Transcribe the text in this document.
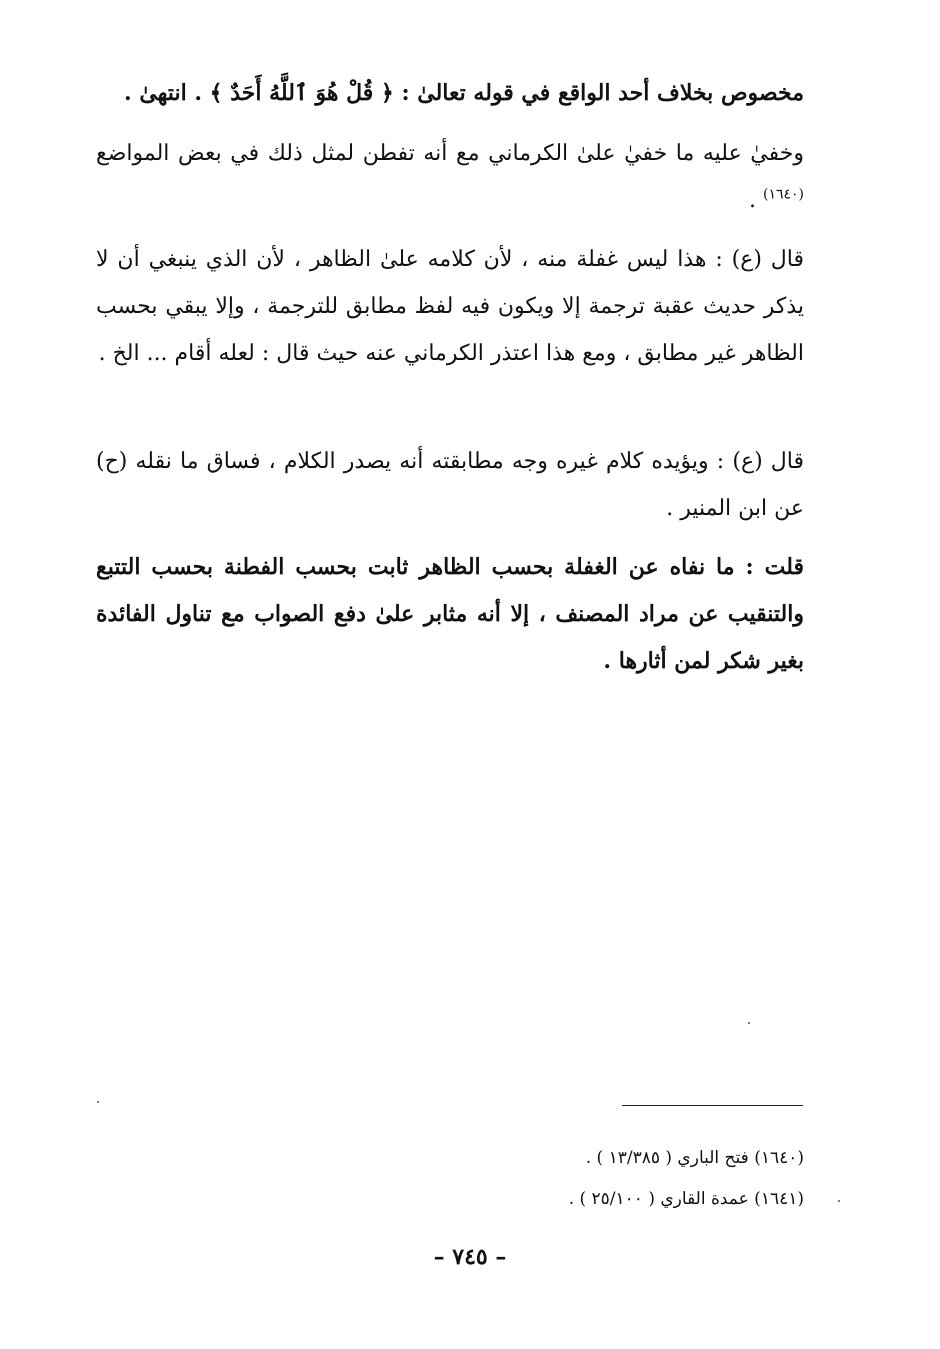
مخصوص بخلاف أحد الواقع في قوله تعالىٰ : ﴿ قُلْ هُوَ ٱللَّهُ أَحَدٌ ﴾ . انتهىٰ .

وخفيٰ عليه ما خفيٰ علىٰ الكرماني مع أنه تفطن لمثل ذلك في بعض المواضع $^{(١٦٤٠)}$ .

قال (ع) : هذا ليس غفلة منه ، لأن كلامه علىٰ الظاهر ، لأن الذي ينبغي أن لا يذكر حديث عقبة ترجمة إلا ويكون فيه لفظ مطابق للترجمة ، وإلا يبقي بحسب الظاهر غير مطابق ، ومع هذا اعتذر الكرماني عنه حيث قال : لعله أقام ... الخ .

قال (ع) : ويؤيده كلام غيره وجه مطابقته أنه يصدر الكلام ، فساق ما نقله (ح) عن ابن المنير .

قلت : ما نفاه عن الغفلة بحسب الظاهر ثابت بحسب الفطنة بحسب التتبع والتنقيب عن مراد المصنف ، إلا أنه مثابر علىٰ دفع الصواب مع تناول الفائدة بغير شكر لمن أثارها .

(١٦٤٠) فتح الباري ( ١٣/٣٨٥ ) .

(١٦٤١) عمدة القاري ( ٢٥/١٠٠ ) .

– ٧٤٥ –
